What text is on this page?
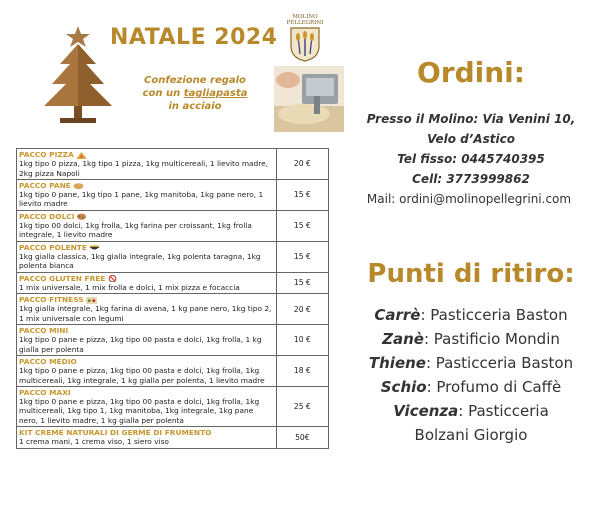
NATALE 2024
MOLINO PELLEGRINI
Confezione regalo
con un tagliapasta
in acciaio
PACCO PIZZA
1kg tipo 0 pizza, 1kg tipo 1 pizza, 1kg multicereali, 1 lievito madre, 2kg pizza Napoli	20 €
PACCO PANE
1kg tipo 0 pane, 1kg tipo 1 pane, 1kg manitoba, 1kg pane nero, 1 lievito madre	15 €
PACCO DOLCI
1kg tipo 00 dolci, 1kg frolla, 1kg farina per croissant, 1kg frolla integrale, 1 lievito madre	15 €
PACCO POLENTE
1kg gialla classica, 1kg gialla integrale, 1kg polenta taragna, 1kg polenta bianca	15 €
PACCO GLUTEN FREE
1 mix universale, 1 mix frolla e dolci, 1 mix pizza e focaccia	15 €
PACCO FITNESS
1kg gialla integrale, 1kg farina di avena, 1 kg pane nero, 1kg tipo 2, 1 mix universale con legumi	20 €
PACCO MINI
1kg tipo 0 pane e pizza, 1kg tipo 00 pasta e dolci, 1kg frolla, 1 kg gialla per polenta	10 €
PACCO MEDIO
1kg tipo 0 pane e pizza, 1kg tipo 00 pasta e dolci, 1kg frolla, 1kg multicereali, 1kg integrale, 1 kg gialla per polenta, 1 lievito madre	18 €
PACCO MAXI
1kg tipo 0 pane e pizza, 1kg tipo 00 pasta e dolci, 1kg frolla, 1kg multicereali, 1kg tipo 1, 1kg manitoba, 1kg integrale, 1kg pane nero, 1 lievito madre, 1 kg gialla per polenta	25 €
KIT CREME NATURALI DI GERME DI FRUMENTO
1 crema mani, 1 crema viso, 1 siero viso	50€
Ordini:
Presso il Molino: Via Venini 10,
Velo d’Astico
Tel fisso: 0445740395
Cell: 3773999862
Mail: ordini@molinopellegrini.com
Punti di ritiro:
Carrè: Pasticceria Baston
Zanè: Pastificio Mondin
Thiene: Pasticceria Baston
Schio: Profumo di Caffè
Vicenza: Pasticceria
Bolzani Giorgio
